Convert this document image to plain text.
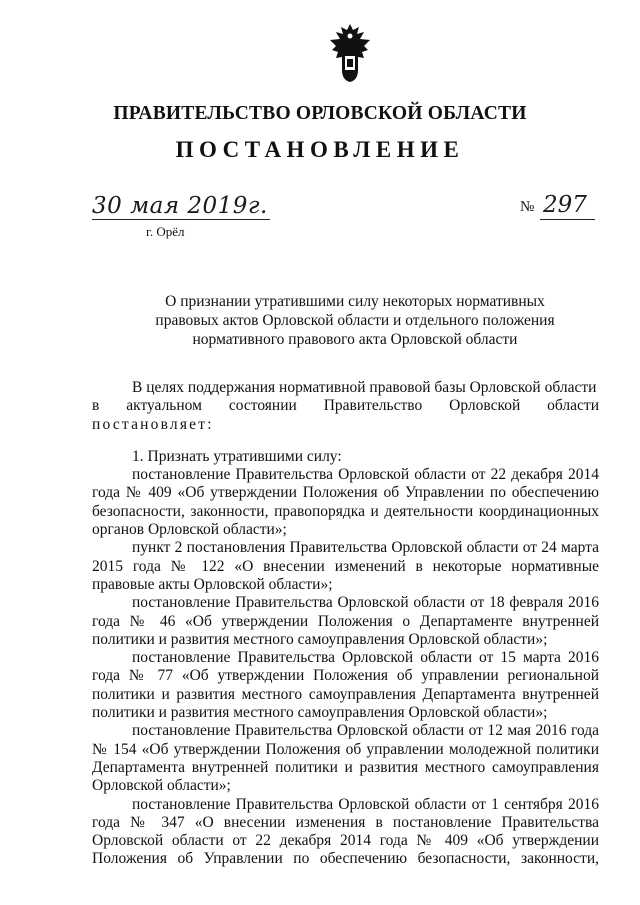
ПРАВИТЕЛЬСТВО ОРЛОВСКОЙ ОБЛАСТИ
ПОСТАНОВЛЕНИЕ
30 мая 2019г.
г. Орёл
№ 297

О признании утратившими силу некоторых нормативных

правовых актов Орловской области и отдельного положения

нормативного правового акта Орловской области

В целях поддержания нормативной правовой базы Орловской области

в актуальном состоянии Правительство Орловской области

постановляет:

1. Признать утратившими силу:

постановление Правительства Орловской области от 22 декабря 2014 года № 409 «Об утверждении Положения об Управлении по обеспечению безопасности, законности, правопорядка и деятельности координационных органов Орловской области»;

пункт 2 постановления Правительства Орловской области от 24 марта 2015 года № 122 «О внесении изменений в некоторые нормативные правовые акты Орловской области»;

постановление Правительства Орловской области от 18 февраля 2016 года № 46 «Об утверждении Положения о Департаменте внутренней политики и развития местного самоуправления Орловской области»;

постановление Правительства Орловской области от 15 марта 2016 года № 77 «Об утверждении Положения об управлении региональной политики и развития местного самоуправления Департамента внутренней политики и развития местного самоуправления Орловской области»;

постановление Правительства Орловской области от 12 мая 2016 года № 154 «Об утверждении Положения об управлении молодежной политики Департамента внутренней политики и развития местного самоуправления Орловской области»;

постановление Правительства Орловской области от 1 сентября 2016 года № 347 «О внесении изменения в постановление Правительства Орловской области от 22 декабря 2014 года № 409 «Об утверждении Положения об Управлении по обеспечению безопасности, законности,
